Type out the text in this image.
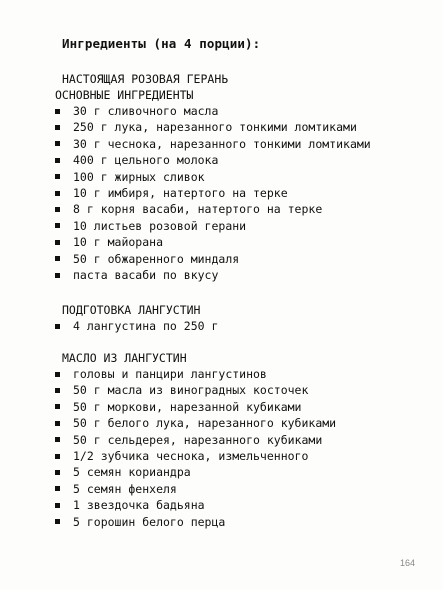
Ингредиенты (на 4 порции):
НАСТОЯЩАЯ РОЗОВАЯ ГЕРАНЬ
ОСНОВНЫЕ ИНГРЕДИЕНТЫ
30 г сливочного масла
250 г лука, нарезанного тонкими ломтиками
30 г чеснока, нарезанного тонкими ломтиками
400 г цельного молока
100 г жирных сливок
10 г имбиря, натертого на терке
8 г корня васаби, натертого на терке
10 листьев розовой герани
10 г майорана
50 г обжаренного миндаля
паста васаби по вкусу
ПОДГОТОВКА ЛАНГУСТИН
4 лангустина по 250 г
МАСЛО ИЗ ЛАНГУСТИН
головы и панцири лангустинов
50 г масла из виноградных косточек
50 г моркови, нарезанной кубиками
50 г белого лука, нарезанного кубиками
50 г сельдерея, нарезанного кубиками
1/2 зубчика чеснока, измельченного
5 семян кориандра
5 семян фенхеля
1 звездочка бадьяна
5 горошин белого перца
164
